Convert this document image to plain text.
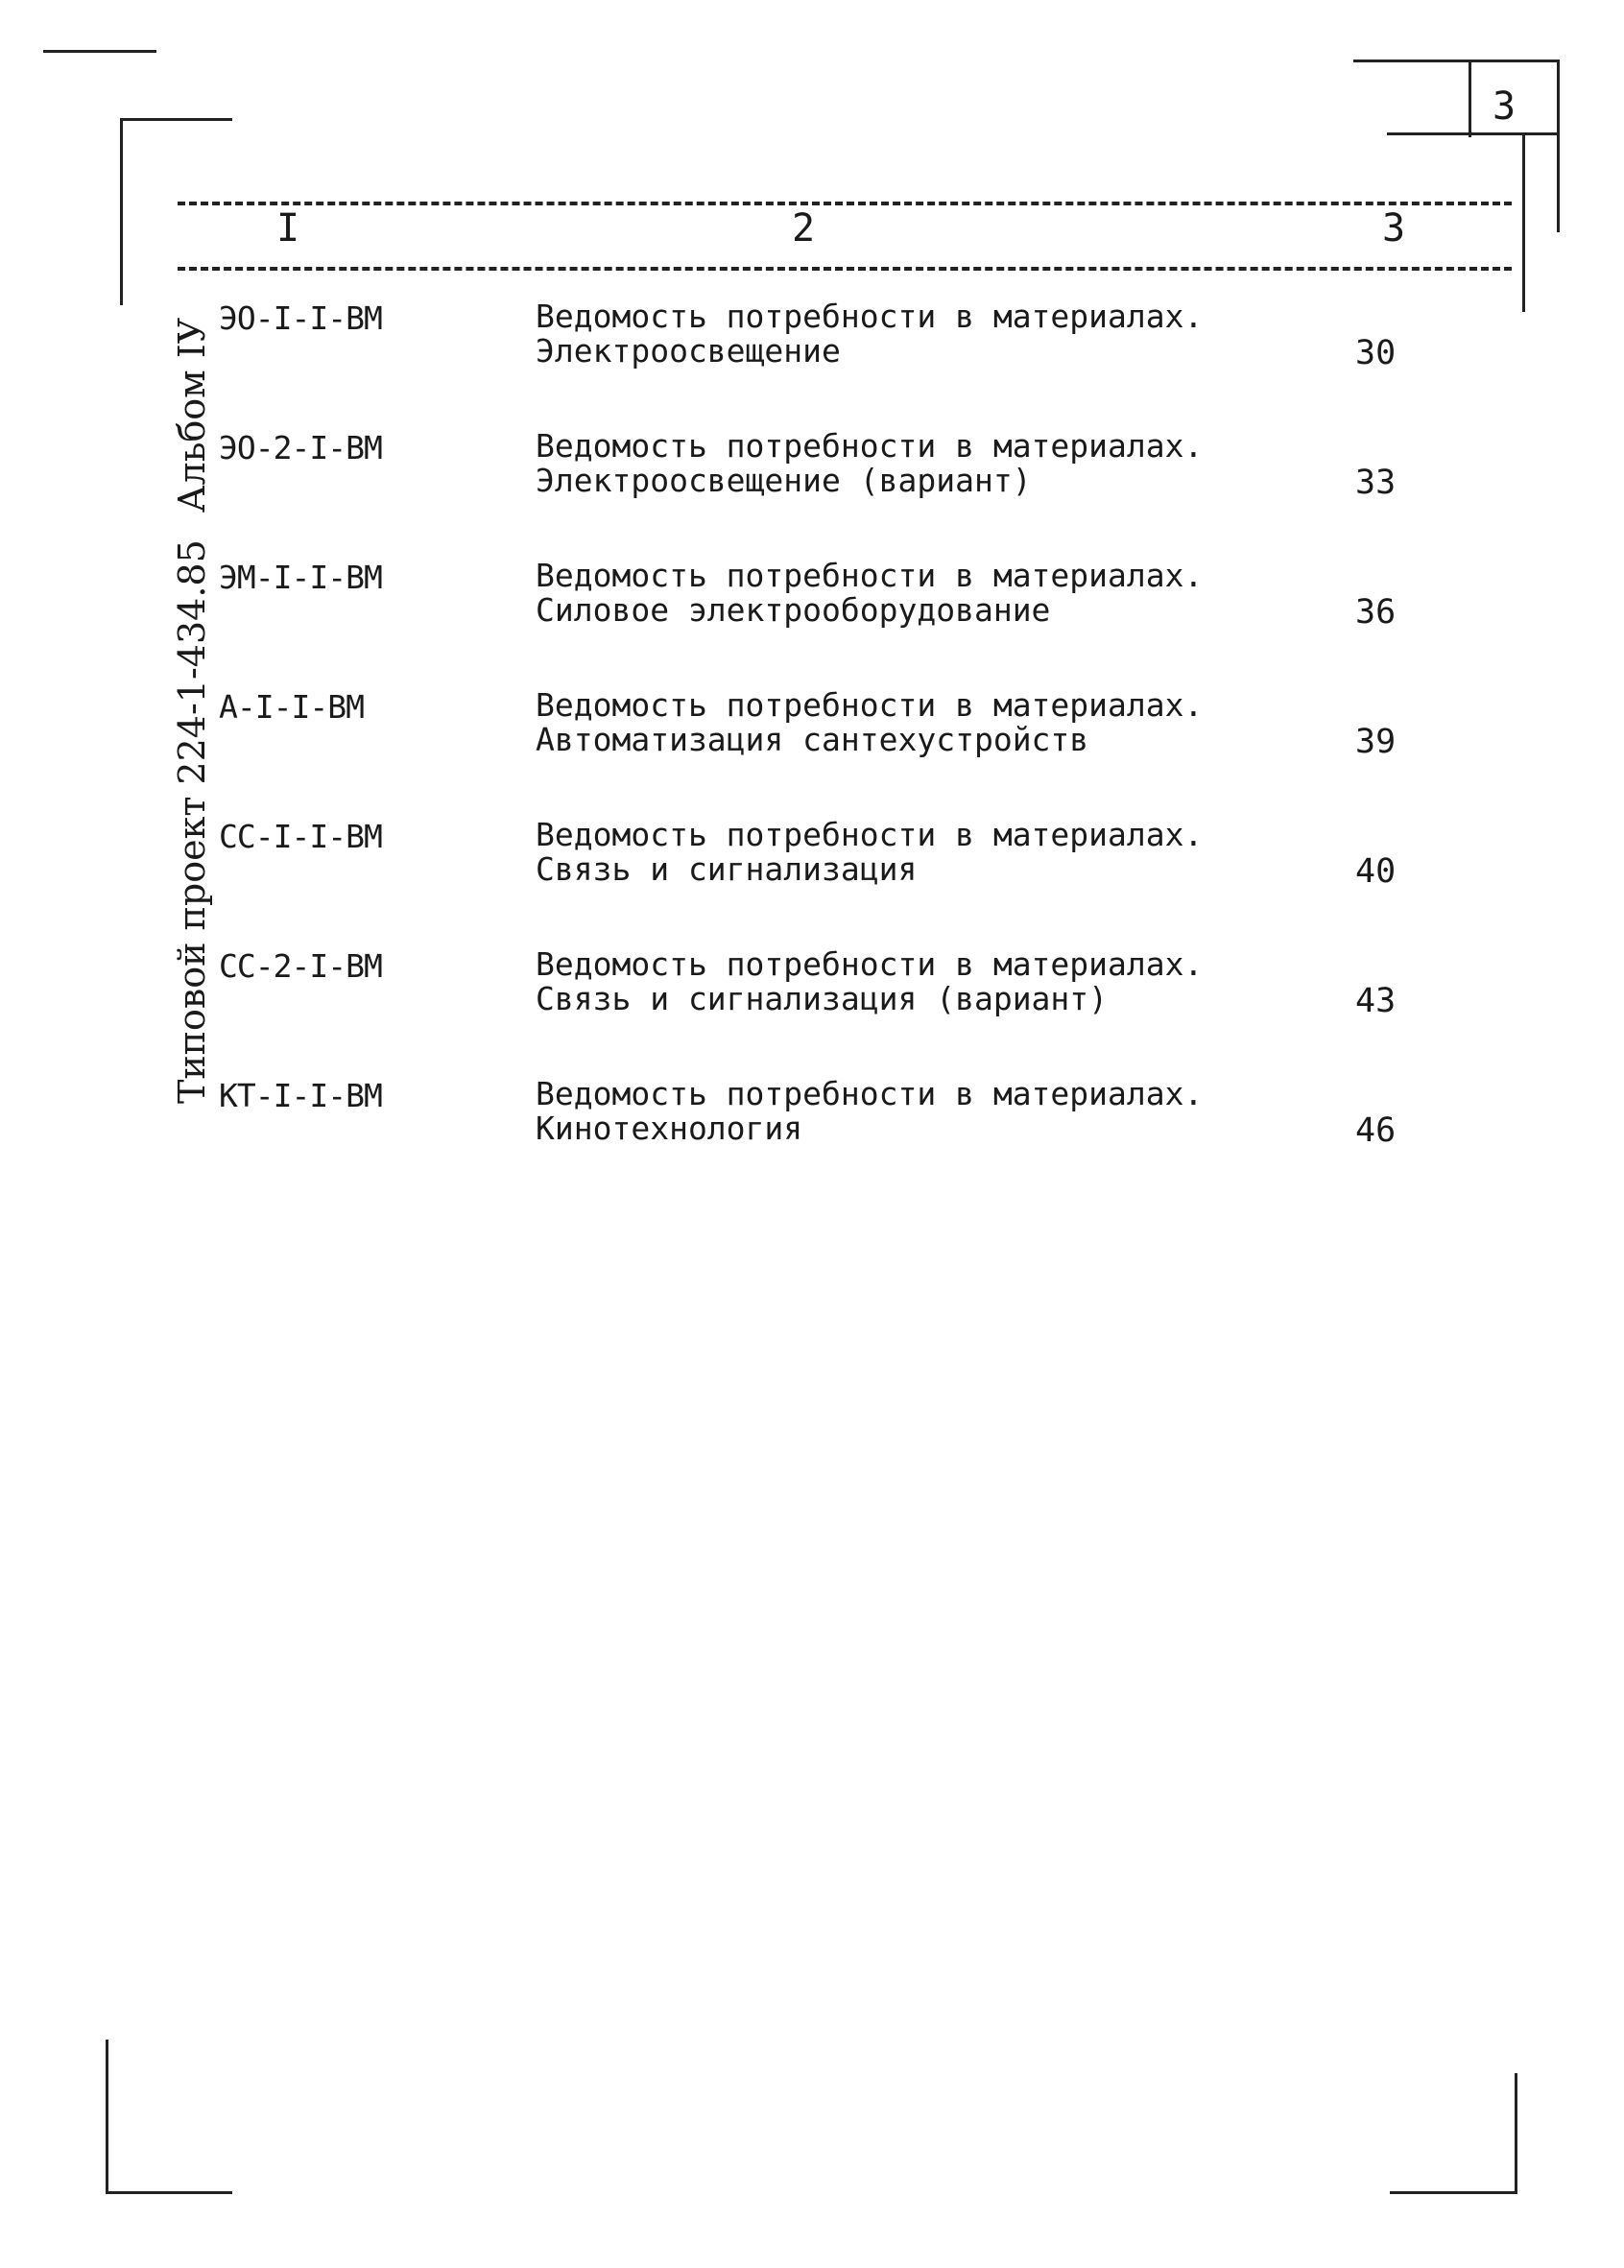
3
I	2	3
Типовой проект 224-1-434.85Альбом IУ ЭО-I-I-ВМ	Ведомость потребности в материалах.
Электроосвещение	30
ЭО-2-I-ВМ	Ведомость потребности в материалах.
Электроосвещение (вариант)	33
ЭМ-I-I-ВМ	Ведомость потребности в материалах.
Силовое электрооборудование	36
А-I-I-ВМ	Ведомость потребности в материалах.
Автоматизация сантехустройств	39
СС-I-I-ВМ	Ведомость потребности в материалах.
Связь и сигнализация	40
СС-2-I-ВМ	Ведомость потребности в материалах.
Связь и сигнализация (вариант)	43
КТ-I-I-ВМ	Ведомость потребности в материалах.
Кинотехнология	46
